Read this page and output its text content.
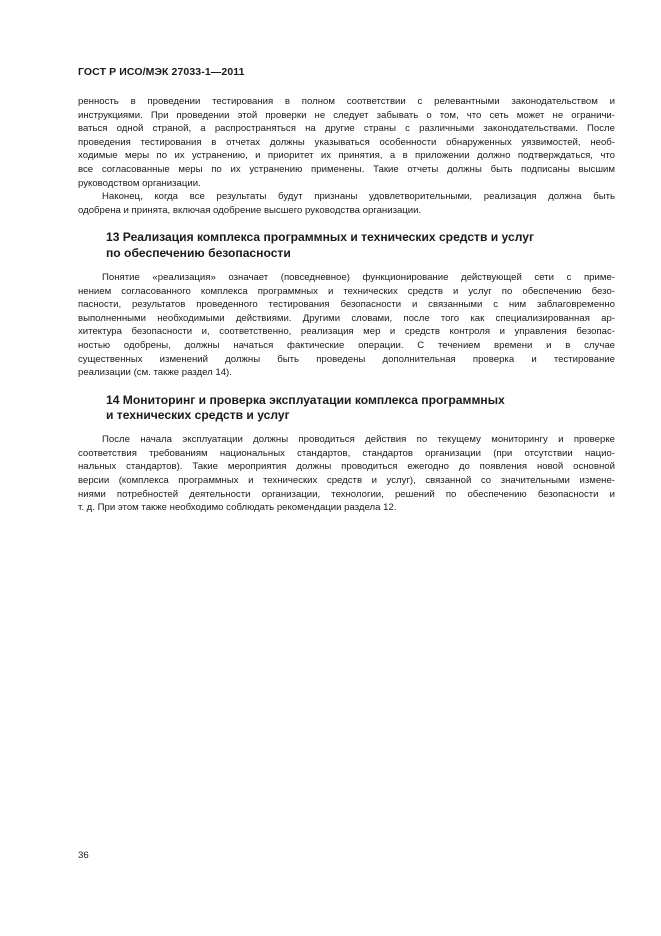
ГОСТ Р ИСО/МЭК 27033-1—2011

ренность в проведении тестирования в полном соответствии с релевантными законодательством и
инструкциями. При проведении этой проверки не следует забывать о том, что сеть может не ограничи-
ваться одной страной, а распространяться на другие страны с различными законодательствами. После
проведения тестирования в отчетах должны указываться особенности обнаруженных уязвимостей, необ-
ходимые меры по их устранению, и приоритет их принятия, а в приложении должно подтверждаться, что
все согласованные меры по их устранению применены. Такие отчеты должны быть подписаны высшим
руководством организации.

Наконец, когда все результаты будут признаны удовлетворительными, реализация должна быть
одобрена и принята, включая одобрение высшего руководства организации.

13 Реализация комплекса программных и технических средств и услуг
по обеспечению безопасности

Понятие «реализация» означает (повседневное) функционирование действующей сети с приме-
нением согласованного комплекса программных и технических средств и услуг по обеспечению безо-
пасности, результатов проведенного тестирования безопасности и связанными с ним заблаговременно
выполненными необходимыми действиями. Другими словами, после того как специализированная ар-
хитектура безопасности и, соответственно, реализация мер и средств контроля и управления безопас-
ностью одобрены, должны начаться фактические операции. С течением времени и в случае
существенных изменений должны быть проведены дополнительная проверка и тестирование
реализации (см. также раздел 14).

14 Мониторинг и проверка эксплуатации комплекса программных
и технических средств и услуг

После начала эксплуатации должны проводиться действия по текущему мониторингу и проверке
соответствия требованиям национальных стандартов, стандартов организации (при отсутствии нацио-
нальных стандартов). Такие мероприятия должны проводиться ежегодно до появления новой основной
версии (комплекса программных и технических средств и услуг), связанной со значительными измене-
ниями потребностей деятельности организации, технологии, решений по обеспечению безопасности и
т. д. При этом также необходимо соблюдать рекомендации раздела 12.

36
